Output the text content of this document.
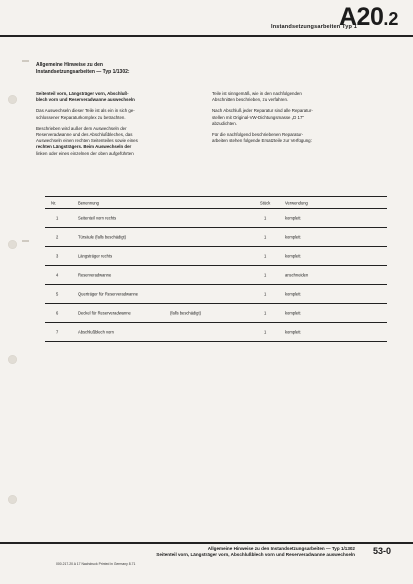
Instandsetzungsarbeiten Typ 1
A20.2
Allgemeine Hinweise zu den
Instandsetzungsarbeiten — Typ 1/1302:

Seitenteil vorn, Längsträger vorn, Abschluß-
blech vorn und Reserveradwanne auswechseln

Das Auswechseln dieser Teile ist als ein in sich ge-
schlossener Reparaturkomplex zu betrachten.

Beschrieben wird außer dem Auswechseln der
Reserveradwanne und des Abschlußbleches, das
Auswechseln einen rechten Seitenteiles sowie eines
rechten Längsträgers. Beim Auswechseln der
linken oder eines einzelnen der oben aufgeführten

Teile ist sinngemäß, wie in den nachfolgenden
Abschnitten beschrieben, zu verfahren.

Nach Abschluß jeder Reparatur sind alle Reparatur-
stellen mit Original-VW-Dichtungsmasse „D 17"
abzudichten.

Für die nachfolgend beschriebenen Reparatur-
arbeiten stehen folgende Ersatzteile zur Verfügung:

Nr.	Benennung	Stück	Verwendung
1	Seitenteil vorn rechts	1	komplett
2	Türsäule (falls beschädigt)	1	komplett
3	Längsträger rechts	1	komplett
4	Reserveradwanne	1	anschneiden
5	Querträger für Reserveradwanne	1	komplett
6	Deckel für Reserveradwanne	(falls beschädigt)	1	komplett
7	Abschlußblech vorn	1	komplett
Allgemeine Hinweise zu den Instandsetzungsarbeiten — Typ 1/1302
Seitenteil vorn, Längsträger vorn, Abschlußblech vorn und Reserveradwanne auswechseln 53-0
000.217.20 A 17 Nachdruck Printed in Germany 8.71
